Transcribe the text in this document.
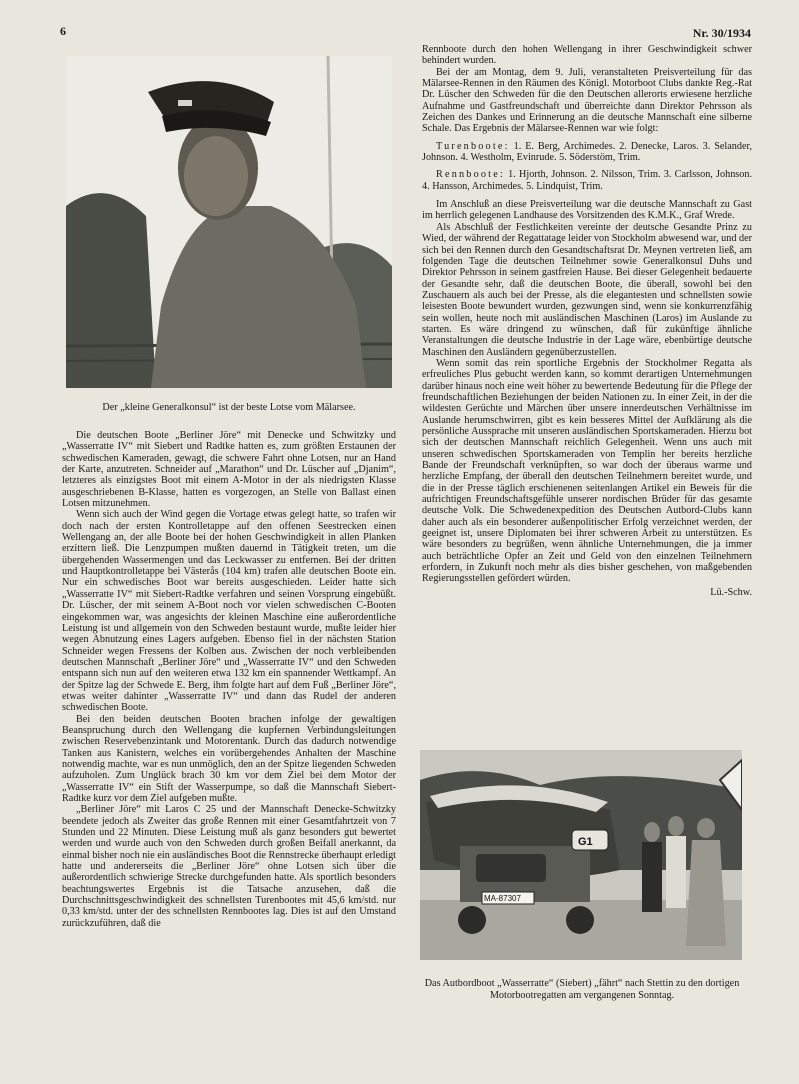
6	Nr. 30/1934
Der „kleine Generalkonsul“ ist der beste Lotse vom Mälarsee.

Die deutschen Boote „Berliner Jöre“ mit Denecke und Schwitzky und „Wasserratte IV“ mit Siebert und Radtke hatten es, zum größten Erstaunen der schwedischen Kameraden, gewagt, die schwere Fahrt ohne Lotsen, nur an Hand der Karte, anzutreten. Schneider auf „Marathon“ und Dr. Lüscher auf „Djanim“, letzteres als einzigstes Boot mit einem A-Motor in der als niedrigsten Klasse ausgeschriebenen B-Klasse, hatten es vorgezogen, an Stelle von Ballast einen Lotsen mitzunehmen.

Wenn sich auch der Wind gegen die Vortage etwas gelegt hatte, so trafen wir doch nach der ersten Kontrolletappe auf den offenen Seestrecken einen Wellengang an, der alle Boote bei der hohen Geschwindigkeit in allen Planken erzittern ließ. Die Lenzpumpen mußten dauernd in Tätigkeit treten, um die übergehenden Wassermengen und das Leckwasser zu entfernen. Bei der dritten und Hauptkontrolletappe bei Västerås (104 km) trafen alle deutschen Boote ein. Nur ein schwedisches Boot war bereits ausgeschieden. Leider hatte sich „Wasserratte IV“ mit Siebert-Radtke verfahren und seinen Vorsprung eingebüßt. Dr. Lüscher, der mit seinem A-Boot noch vor vielen schwedischen C-Booten eingekommen war, was angesichts der kleinen Maschine eine außerordentliche Leistung ist und allgemein von den Schweden bestaunt wurde, mußte leider hier wegen Abnutzung eines Lagers aufgeben. Ebenso fiel in der nächsten Station Schneider wegen Fressens der Kolben aus. Zwischen der noch verbleibenden deutschen Mannschaft „Berliner Jöre“ und „Wasserratte IV“ und den Schweden entspann sich nun auf den weiteren etwa 132 km ein spannender Wettkampf. An der Spitze lag der Schwede E. Berg, ihm folgte hart auf dem Fuß „Berliner Jöre“, etwas weiter dahinter „Wasserratte IV“ und dann das Rudel der anderen schwedischen Boote.

Bei den beiden deutschen Booten brachen infolge der gewaltigen Beanspruchung durch den Wellengang die kupfernen Verbindungsleitungen zwischen Reservebenzintank und Motorentank. Durch das dadurch notwendige Tanken aus Kanistern, welches ein vorübergehendes Anhalten der Maschine notwendig machte, war es nun unmöglich, den an der Spitze liegenden Schweden aufzuholen. Zum Unglück brach 30 km vor dem Ziel bei dem Motor der „Wasserratte IV“ ein Stift der Wasserpumpe, so daß die Mannschaft Siebert-Radtke kurz vor dem Ziel aufgeben mußte.

„Berliner Jöre“ mit Laros C 25 und der Mannschaft Denecke-Schwitzky beendete jedoch als Zweiter das große Rennen mit einer Gesamtfahrtzeit von 7 Stunden und 22 Minuten. Diese Leistung muß als ganz besonders gut bewertet werden und wurde auch von den Schweden durch großen Beifall anerkannt, da einmal bisher noch nie ein ausländisches Boot die Rennstrecke überhaupt erledigt hatte und andererseits die „Berliner Jöre“ ohne Lotsen sich über die außerordentlich schwierige Strecke durchgefunden hatte. Als sportlich besonders beachtungswertes Ergebnis ist die Tatsache anzusehen, daß die Durchschnittsgeschwindigkeit des schnellsten Turenbootes mit 45,6 km/std. nur 0,33 km/std. unter der des schnellsten Rennbootes lag. Dies ist auf den Umstand zurückzuführen, daß die

Rennboote durch den hohen Wellengang in ihrer Geschwindigkeit schwer behindert wurden.

Bei der am Montag, dem 9. Juli, veranstalteten Preisverteilung für das Mälarsee-Rennen in den Räumen des Königl. Motorboot Clubs dankte Reg.-Rat Dr. Lüscher den Schweden für die den Deutschen allerorts erwiesene herzliche Aufnahme und Gastfreundschaft und überreichte dann Direktor Pehrsson als Zeichen des Dankes und Erinnerung an die deutsche Mannschaft eine silberne Schale. Das Ergebnis der Mälarsee-Rennen war wie folgt:

Turenboote: 1. E. Berg, Archimedes. 2. Denecke, Laros. 3. Selander, Johnson. 4. Westholm, Evinrude. 5. Söderstöm, Trim.

Rennboote: 1. Hjorth, Johnson. 2. Nilsson, Trim. 3. Carlsson, Johnson. 4. Hansson, Archimedes. 5. Lindquist, Trim.

Im Anschluß an diese Preisverteilung war die deutsche Mannschaft zu Gast im herrlich gelegenen Landhause des Vorsitzenden des K.M.K., Graf Wrede.

Als Abschluß der Festlichkeiten vereinte der deutsche Gesandte Prinz zu Wied, der während der Regattatage leider von Stockholm abwesend war, und der sich bei den Rennen durch den Gesandtschaftsrat Dr. Meynen vertreten ließ, am folgenden Tage die deutschen Teilnehmer sowie Generalkonsul Duhs und Direktor Pehrsson in seinem gastfreien Hause. Bei dieser Gelegenheit bedauerte der Gesandte sehr, daß die deutschen Boote, die überall, sowohl bei den Zuschauern als auch bei der Presse, als die elegantesten und schnellsten sowie leisesten Boote bewundert wurden, gezwungen sind, wenn sie konkurrenzfähig sein wollen, heute noch mit ausländischen Maschinen (Laros) im Auslande zu starten. Es wäre dringend zu wünschen, daß für zukünftige ähnliche Veranstaltungen die deutsche Industrie in der Lage wäre, ebenbürtige deutsche Maschinen den Ausländern gegenüberzustellen.

Wenn somit das rein sportliche Ergebnis der Stockholmer Regatta als erfreuliches Plus gebucht werden kann, so kommt derartigen Unternehmungen darüber hinaus noch eine weit höher zu bewertende Bedeutung für die Pflege der freundschaftlichen Beziehungen der beiden Nationen zu. In einer Zeit, in der die wildesten Gerüchte und Märchen über unsere innerdeutschen Verhältnisse im Auslande herumschwirren, gibt es kein besseres Mittel der Aufklärung als die persönliche Aussprache mit unseren ausländischen Sportskameraden. Hierzu bot sich der deutschen Mannschaft reichlich Gelegenheit. Wenn uns auch mit unseren schwedischen Sportskameraden von Templin her bereits herzliche Bande der Freundschaft verknüpften, so war doch der überaus warme und herzliche Empfang, der überall den deutschen Teilnehmern bereitet wurde, und die in der Presse täglich erschienenen seitenlangen Artikel ein Beweis für die aufrichtigen Freundschaftsgefühle unserer nordischen Brüder für das gesamte deutsche Volk. Die Schwedenexpedition des Deutschen Autbord-Clubs kann daher auch als ein besonderer außenpolitischer Erfolg verzeichnet werden, der geeignet ist, unsere Diplomaten bei ihrer schweren Arbeit zu unterstützen. Es wäre besonders zu begrüßen, wenn ähnliche Unternehmungen, die ja immer auch beträchtliche Opfer an Zeit und Geld von den einzelnen Teilnehmern erfordern, in Zukunft noch mehr als dies bisher geschehen, von maßgebenden Regierungsstellen gefördert würden.

Lü.-Schw.

G1
MA-87307
Das Autbordboot „Wasserratte“ (Siebert) „fährt“ nach Stettin zu den dortigen Motorbootregatten am vergangenen Sonntag.
